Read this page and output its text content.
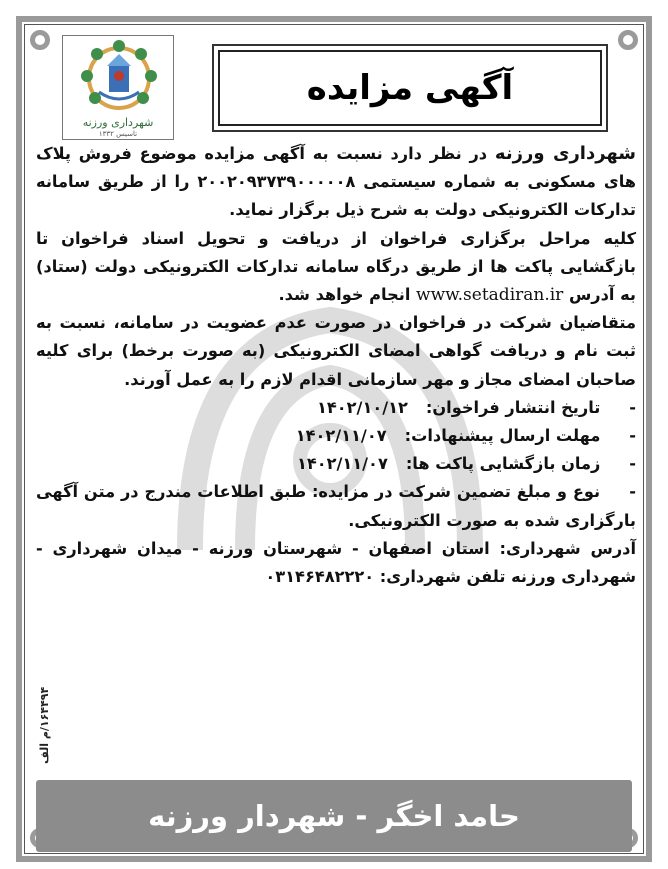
شهرداری ورزنه
تاسیس ۱۳۳۲
آگهی مزایده

شهرداری ورزنه در نظر دارد نسبت به آگهی مزایده موضوع فروش پلاک های مسکونی به شماره سیستمی ۲۰۰۲۰۹۳۷۳۹۰۰۰۰۰۸ را از طریق سامانه تدارکات الکترونیکی دولت به شرح ذیل برگزار نماید.

کلیه مراحل برگزاری فراخوان از دریافت و تحویل اسناد فراخوان تا بازگشایی پاکت ها از طریق درگاه سامانه تدارکات الکترونیکی دولت (ستاد) به آدرس www.setadiran.ir انجام خواهد شد.

متقاضیان شرکت در فراخوان در صورت عدم عضویت در سامانه، نسبت به ثبت نام و دریافت گواهی امضای الکترونیکی (به صورت برخط) برای کلیه صاحبان امضای مجاز و مهر سازمانی اقدام لازم را به عمل آورند.

- تاریخ انتشار فراخوان:۱۴۰۲/۱۰/۱۲

- مهلت ارسال پیشنهادات:۱۴۰۲/۱۱/۰۷

- زمان بازگشایی پاکت ها:۱۴۰۲/۱۱/۰۷

- نوع و مبلغ تضمین شرکت در مزایده: طبق اطلاعات مندرج در متن آگهی بارگزاری شده به صورت الکترونیکی.

آدرس شهرداری: استان اصفهان - شهرستان ورزنه - میدان شهرداری - شهرداری ورزنه تلفن شهرداری: ۰۳۱۴۶۴۸۲۲۲۰

۱۶۴۴۹۴/م الف
حامد اخگر - شهردار ورزنه
